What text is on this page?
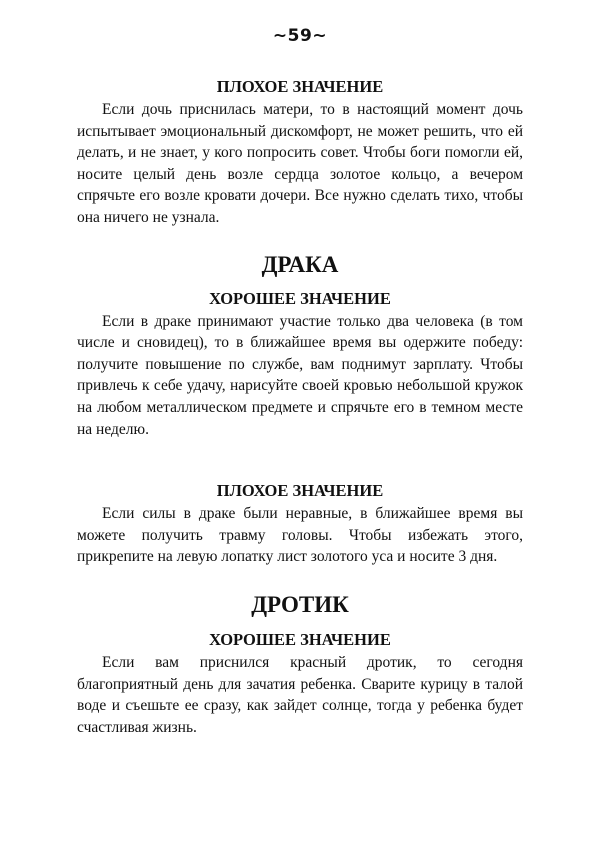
~59~

ПЛОХОЕ ЗНАЧЕНИЕ

Если дочь приснилась матери, то в настоящий момент дочь испытывает эмоциональный дискомфорт, не может решить, что ей делать, и не знает, у кого попросить совет. Чтобы боги помогли ей, носите целый день возле сердца золотое кольцо, а вечером спрячьте его возле кровати дочери. Все нужно сделать тихо, чтобы она ничего не узнала.

ДРАКА

ХОРОШЕЕ ЗНАЧЕНИЕ

Если в драке принимают участие только два человека (в том числе и сновидец), то в ближайшее время вы одержите победу: получите повышение по службе, вам поднимут зарплату. Чтобы привлечь к себе удачу, нарисуйте своей кровью небольшой кружок на любом металлическом предмете и спрячьте его в темном месте на неделю.

ПЛОХОЕ ЗНАЧЕНИЕ

Если силы в драке были неравные, в ближайшее время вы можете получить травму головы. Чтобы избежать этого, прикрепите на левую лопатку лист золотого уса и носите 3 дня.

ДРОТИК

ХОРОШЕЕ ЗНАЧЕНИЕ

Если вам приснился красный дротик, то сегодня благоприятный день для зачатия ребенка. Сварите курицу в талой воде и съешьте ее сразу, как зайдет солнце, тогда у ребенка будет счастливая жизнь.
